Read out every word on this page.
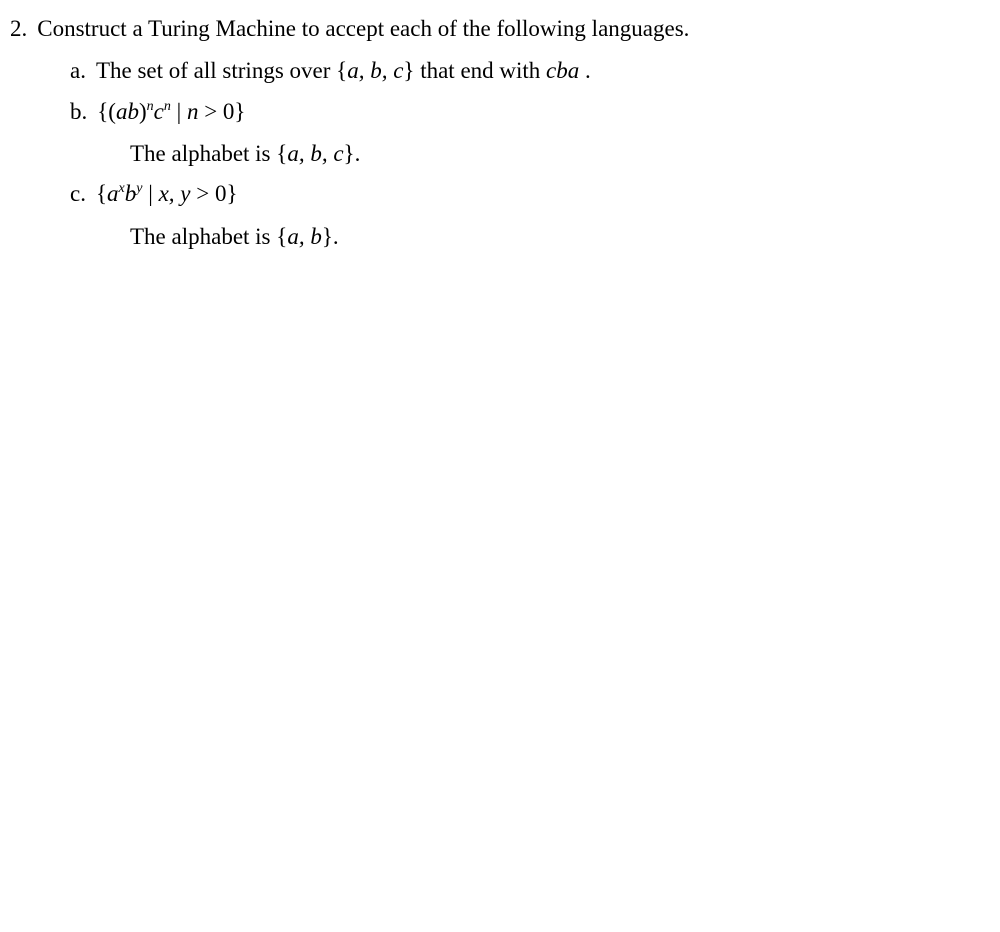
2. Construct a Turing Machine to accept each of the following languages.
a. The set of all strings over {a, b, c} that end with cba .
b. {$(ab)^nc^n$ | n > 0}
The alphabet is {a, b, c}.
c. {$a^xb^y$ | x, y > 0}
The alphabet is {a, b}.
